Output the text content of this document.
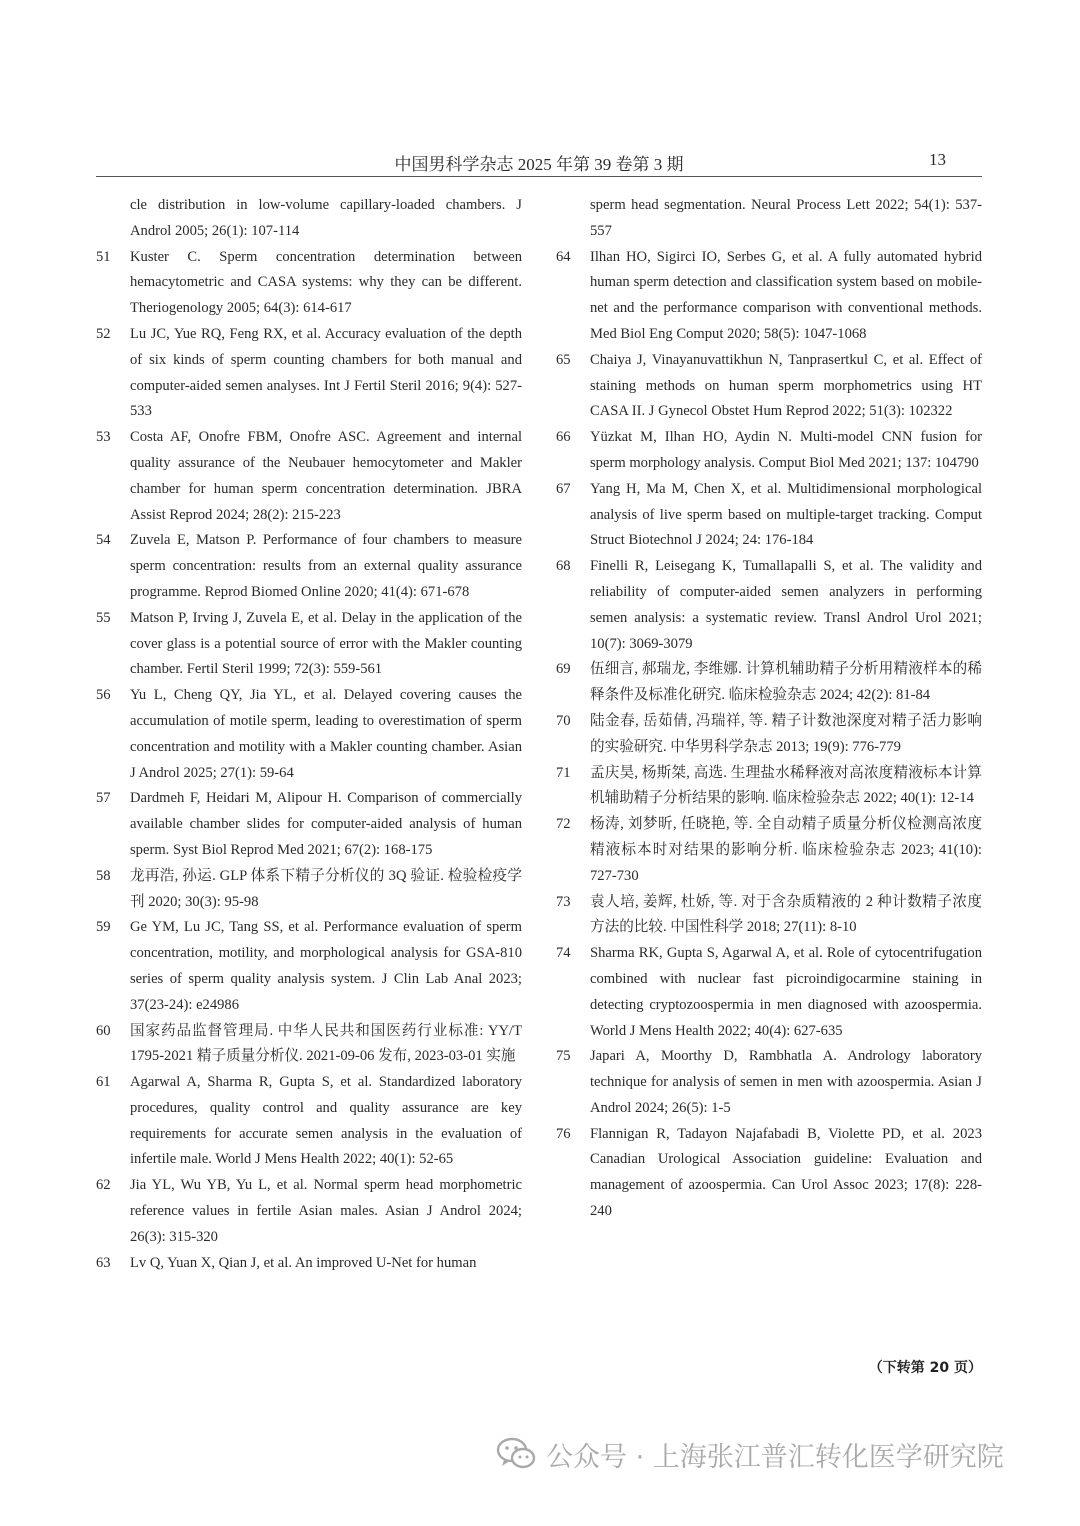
中国男科学杂志 2025 年第 39 卷第 3 期	13
cle distribution in low-volume capillary-loaded chambers. J Androl 2005; 26(1): 107-114
51	Kuster C. Sperm concentration determination between hemacytometric and CASA systems: why they can be different. Theriogenology 2005; 64(3): 614-617
52	Lu JC, Yue RQ, Feng RX, et al. Accuracy evaluation of the depth of six kinds of sperm counting chambers for both manual and computer-aided semen analyses. Int J Fertil Steril 2016; 9(4): 527-533
53	Costa AF, Onofre FBM, Onofre ASC. Agreement and internal quality assurance of the Neubauer hemocytometer and Makler chamber for human sperm concentration determination. JBRA Assist Reprod 2024; 28(2): 215-223
54	Zuvela E, Matson P. Performance of four chambers to measure sperm concentration: results from an external quality assurance programme. Reprod Biomed Online 2020; 41(4): 671-678
55	Matson P, Irving J, Zuvela E, et al. Delay in the application of the cover glass is a potential source of error with the Makler counting chamber. Fertil Steril 1999; 72(3): 559-561
56	Yu L, Cheng QY, Jia YL, et al. Delayed covering causes the accumulation of motile sperm, leading to overestimation of sperm concentration and motility with a Makler counting chamber. Asian J Androl 2025; 27(1): 59-64
57	Dardmeh F, Heidari M, Alipour H. Comparison of commercially available chamber slides for computer-aided analysis of human sperm. Syst Biol Reprod Med 2021; 67(2): 168-175
58	龙再浩, 孙运. GLP 体系下精子分析仪的 3Q 验证. 检验检疫学刊 2020; 30(3): 95-98
59	Ge YM, Lu JC, Tang SS, et al. Performance evaluation of sperm concentration, motility, and morphological analysis for GSA-810 series of sperm quality analysis system. J Clin Lab Anal 2023; 37(23-24): e24986
60	国家药品监督管理局. 中华人民共和国医药行业标准: YY/T 1795-2021 精子质量分析仪. 2021-09-06 发布, 2023-03-01 实施
61	Agarwal A, Sharma R, Gupta S, et al. Standardized laboratory procedures, quality control and quality assurance are key requirements for accurate semen analysis in the evaluation of infertile male. World J Mens Health 2022; 40(1): 52-65
62	Jia YL, Wu YB, Yu L, et al. Normal sperm head morphometric reference values in fertile Asian males. Asian J Androl 2024; 26(3): 315-320
63	Lv Q, Yuan X, Qian J, et al. An improved U-Net for human
sperm head segmentation. Neural Process Lett 2022; 54(1): 537-557
64	Ilhan HO, Sigirci IO, Serbes G, et al. A fully automated hybrid human sperm detection and classification system based on mobile-net and the performance comparison with conventional methods. Med Biol Eng Comput 2020; 58(5): 1047-1068
65	Chaiya J, Vinayanuvattikhun N, Tanprasertkul C, et al. Effect of staining methods on human sperm morphometrics using HT CASA II. J Gynecol Obstet Hum Reprod 2022; 51(3): 102322
66	Yüzkat M, Ilhan HO, Aydin N. Multi-model CNN fusion for sperm morphology analysis. Comput Biol Med 2021; 137: 104790
67	Yang H, Ma M, Chen X, et al. Multidimensional morphological analysis of live sperm based on multiple-target tracking. Comput Struct Biotechnol J 2024; 24: 176-184
68	Finelli R, Leisegang K, Tumallapalli S, et al. The validity and reliability of computer-aided semen analyzers in performing semen analysis: a systematic review. Transl Androl Urol 2021; 10(7): 3069-3079
69	伍细言, 郝瑞龙, 李维娜. 计算机辅助精子分析用精液样本的稀释条件及标准化研究. 临床检验杂志 2024; 42(2): 81-84
70	陆金春, 岳茹倩, 冯瑞祥, 等. 精子计数池深度对精子活力影响的实验研究. 中华男科学杂志 2013; 19(9): 776-779
71	孟庆昊, 杨斯桀, 高选. 生理盐水稀释液对高浓度精液标本计算机辅助精子分析结果的影响. 临床检验杂志 2022; 40(1): 12-14
72	杨涛, 刘梦昕, 任晓艳, 等. 全自动精子质量分析仪检测高浓度精液标本时对结果的影响分析. 临床检验杂志 2023; 41(10): 727-730
73	袁人培, 姜辉, 杜娇, 等. 对于含杂质精液的 2 种计数精子浓度方法的比较. 中国性科学 2018; 27(11): 8-10
74	Sharma RK, Gupta S, Agarwal A, et al. Role of cytocentrifugation combined with nuclear fast picroindigocarmine staining in detecting cryptozoospermia in men diagnosed with azoospermia. World J Mens Health 2022; 40(4): 627-635
75	Japari A, Moorthy D, Rambhatla A. Andrology laboratory technique for analysis of semen in men with azoospermia. Asian J Androl 2024; 26(5): 1-5
76	Flannigan R, Tadayon Najafabadi B, Violette PD, et al. 2023 Canadian Urological Association guideline: Evaluation and management of azoospermia. Can Urol Assoc 2023; 17(8): 228-240
（下转第 20 页）
公众号 · 上海张江普汇转化医学研究院
